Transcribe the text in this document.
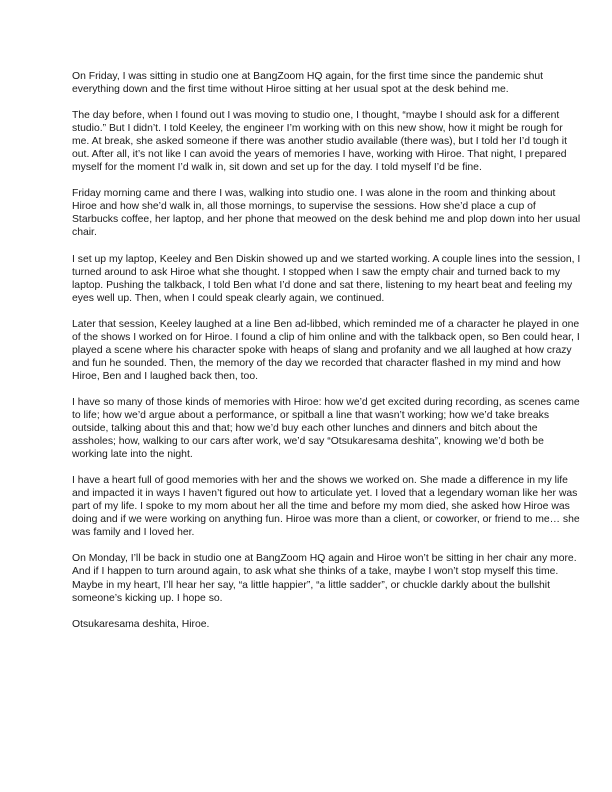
On Friday, I was sitting in studio one at BangZoom HQ again, for the first time since the pandemic shut everything down and the first time without Hiroe sitting at her usual spot at the desk behind me.

The day before, when I found out I was moving to studio one, I thought, “maybe I should ask for a different studio.” But I didn’t. I told Keeley, the engineer I’m working with on this new show, how it might be rough for me. At break, she asked someone if there was another studio available (there was), but I told her I’d tough it out. After all, it’s not like I can avoid the years of memories I have, working with Hiroe. That night, I prepared myself for the moment I’d walk in, sit down and set up for the day. I told myself I’d be fine.

Friday morning came and there I was, walking into studio one. I was alone in the room and thinking about Hiroe and how she’d walk in, all those mornings, to supervise the sessions. How she’d place a cup of Starbucks coffee, her laptop, and her phone that meowed on the desk behind me and plop down into her usual chair.

I set up my laptop, Keeley and Ben Diskin showed up and we started working. A couple lines into the session, I turned around to ask Hiroe what she thought. I stopped when I saw the empty chair and turned back to my laptop. Pushing the talkback, I told Ben what I’d done and sat there, listening to my heart beat and feeling my eyes well up. Then, when I could speak clearly again, we continued.

Later that session, Keeley laughed at a line Ben ad-libbed, which reminded me of a character he played in one of the shows I worked on for Hiroe. I found a clip of him online and with the talkback open, so Ben could hear, I played a scene where his character spoke with heaps of slang and profanity and we all laughed at how crazy and fun he sounded. Then, the memory of the day we recorded that character flashed in my mind and how Hiroe, Ben and I laughed back then, too.

I have so many of those kinds of memories with Hiroe: how we’d get excited during recording, as scenes came to life; how we’d argue about a performance, or spitball a line that wasn’t working; how we’d take breaks outside, talking about this and that; how we’d buy each other lunches and dinners and bitch about the assholes; how, walking to our cars after work, we’d say “Otsukaresama deshita”, knowing we’d both be working late into the night.

I have a heart full of good memories with her and the shows we worked on. She made a difference in my life and impacted it in ways I haven’t figured out how to articulate yet. I loved that a legendary woman like her was part of my life. I spoke to my mom about her all the time and before my mom died, she asked how Hiroe was doing and if we were working on anything fun. Hiroe was more than a client, or coworker, or friend to me… she was family and I loved her.

On Monday, I’ll be back in studio one at BangZoom HQ again and Hiroe won’t be sitting in her chair any more. And if I happen to turn around again, to ask what she thinks of a take, maybe I won’t stop myself this time. Maybe in my heart, I’ll hear her say, “a little happier”, “a little sadder”, or chuckle darkly about the bullshit someone’s kicking up. I hope so.

Otsukaresama deshita, Hiroe.
